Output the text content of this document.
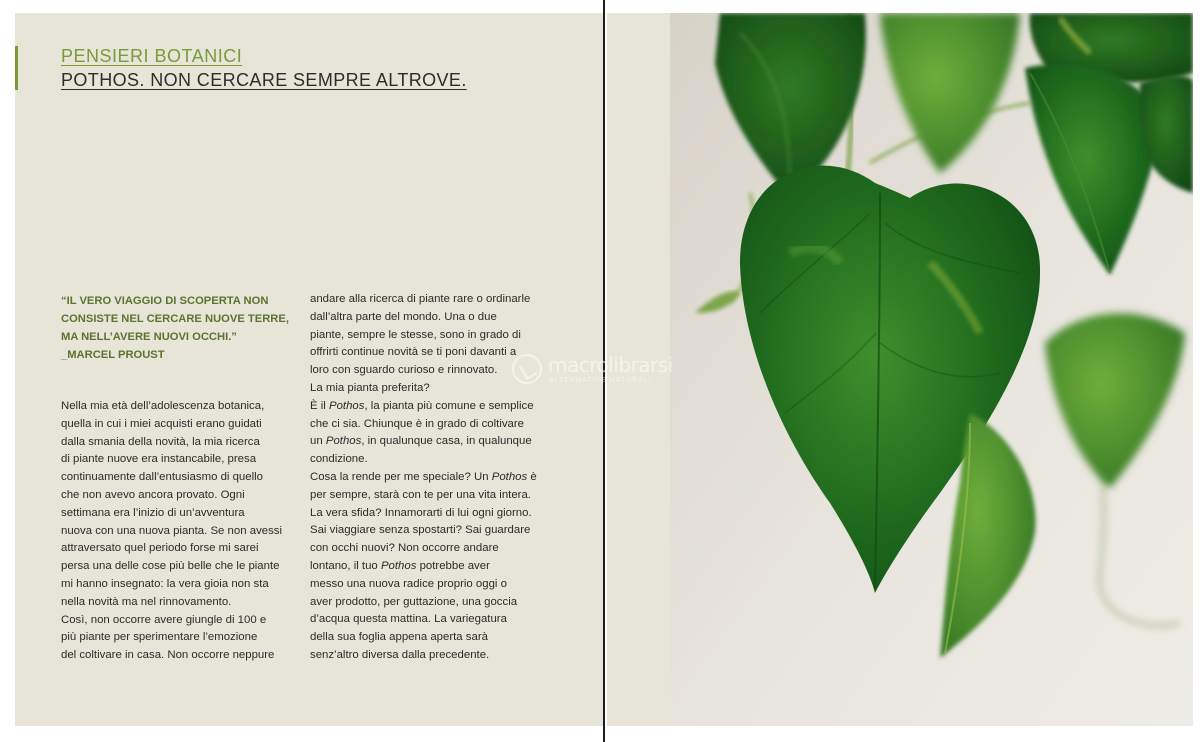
PENSIERI BOTANICI
POTHOS. NON CERCARE SEMPRE ALTROVE.
“IL VERO VIAGGIO DI SCOPERTA NON
CONSISTE NEL CERCARE NUOVE TERRE,
MA NELL’AVERE NUOVI OCCHI.”
_MARCEL PROUST

Nella mia età dell’adolescenza botanica,

quella in cui i miei acquisti erano guidati

dalla smania della novità, la mia ricerca

di piante nuove era instancabile, presa

continuamente dall’entusiasmo di quello

che non avevo ancora provato. Ogni

settimana era l’inizio di un’avventura

nuova con una nuova pianta. Se non avessi

attraversato quel periodo forse mi sarei

persa una delle cose più belle che le piante

mi hanno insegnato: la vera gioia non sta

nella novità ma nel rinnovamento.

Così, non occorre avere giungle di 100 e

più piante per sperimentare l’emozione

del coltivare in casa. Non occorre neppure

andare alla ricerca di piante rare o ordinarle

dall’altra parte del mondo. Una o due

piante, sempre le stesse, sono in grado di

offrirti continue novità se ti poni davanti a

loro con sguardo curioso e rinnovato.

La mia pianta preferita?

È il Pothos, la pianta più comune e semplice

che ci sia. Chiunque è in grado di coltivare

un Pothos, in qualunque casa, in qualunque

condizione.

Cosa la rende per me speciale? Un Pothos è

per sempre, starà con te per una vita intera.

La vera sfida? Innamorarti di lui ogni giorno.

Sai viaggiare senza spostarti? Sai guardare

con occhi nuovi? Non occorre andare

lontano, il tuo Pothos potrebbe aver

messo una nuova radice proprio oggi o

aver prodotto, per guttazione, una goccia

d’acqua questa mattina. La variegatura

della sua foglia appena aperta sarà

senz’altro diversa dalla precedente.

macrolibrarsi
ALTERNATIVE NATURALI
